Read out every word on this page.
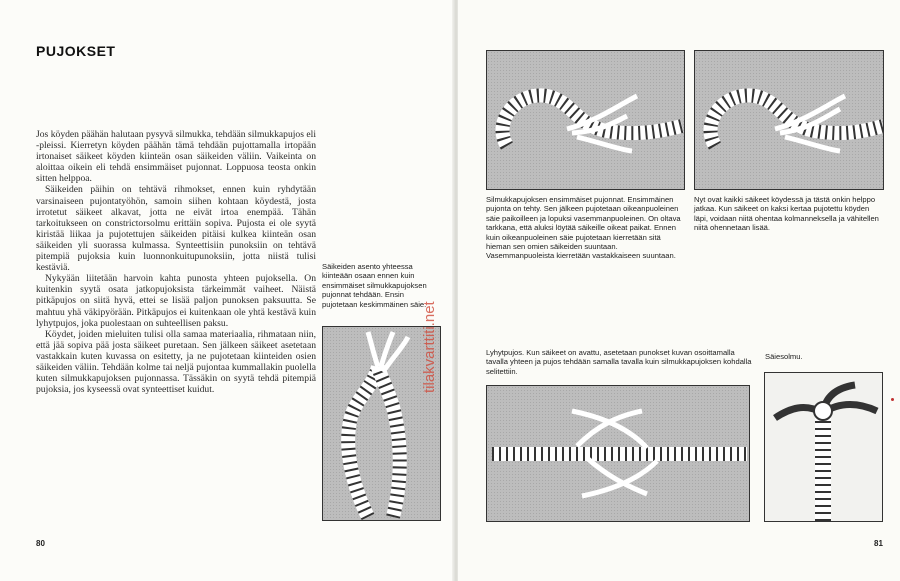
PUJOKSET

Jos köyden päähän halutaan pysyvä silmukka, tehdään silmukkapujos eli -pleissi. Kierretyn köyden päähän tämä tehdään pujottamalla irtopään irtonaiset säikeet köyden kiinteän osan säikeiden väliin. Vaikeinta on aloittaa oikein eli tehdä ensimmäiset pujonnat. Loppuosa teosta onkin sitten helppoa.

Säikeiden päihin on tehtävä rihmokset, ennen kuin ryhdytään varsinaiseen pujontatyöhön, samoin siihen kohtaan köydestä, josta irrotetut säikeet alkavat, jotta ne eivät irtoa enempää. Tähän tarkoitukseen on constrictorsolmu erittäin sopiva. Pujosta ei ole syytä kiristää liikaa ja pujotettujen säikeiden pitäisi kulkea kiinteän osan säikeiden yli suorassa kulmassa. Synteettisiin punoksiin on tehtävä pitempiä pujoksia kuin luonnonkuitupunoksiin, jotta niistä tulisi kestäviä.

Nykyään liitetään harvoin kahta punosta yhteen pujoksella. On kuitenkin syytä osata jatkopujoksista tärkeimmät vaiheet. Näistä pitkäpujos on siitä hyvä, ettei se lisää paljon punoksen paksuutta. Se mahtuu yhä väkipyörään. Pitkäpujos ei kuitenkaan ole yhtä kestävä kuin lyhytpujos, joka puolestaan on suhteellisen paksu.

Köydet, joiden mieluiten tulisi olla samaa materiaalia, rihmataan niin, että jää sopiva pää josta säikeet puretaan. Sen jälkeen säikeet asetetaan vastakkain kuten kuvassa on esitetty, ja ne pujotetaan kiinteiden osien säikeiden väliin. Tehdään kolme tai neljä pujontaa kummallakin puolella kuten silmukkapujoksen pujonnassa. Tässäkin on syytä tehdä pitempiä pujoksia, jos kyseessä ovat synteettiset kuidut.

Säikeiden asento yhteessa kiinteään osaan ennen kuin ensimmäiset silmukkapujoksen pujonnat tehdään. Ensin pujotetaan keskimmäinen säie.
80
Silmukkapujoksen ensimmäiset pujonnat. Ensimmäinen pujonta on tehty. Sen jälkeen pujotetaan oikeanpuoleinen säie paikoilleen ja lopuksi vasemmanpuoleinen. On oltava tarkkana, että aluksi löytää säikeille oikeat paikat. Ennen kuin oikeanpuoleinen säie pujotetaan kierretään sitä hieman sen omien säikeiden suuntaan. Vasemmanpuoleista kierretään vastakkaiseen suuntaan.
Nyt ovat kaikki säikeet köydessä ja tästä onkin helppo jatkaa. Kun säikeet on kaksi kertaa pujotettu köyden läpi, voidaan niitä ohentaa kolmanneksella ja vähitellen niitä ohennetaan lisää.
Lyhytpujos. Kun säikeet on avattu, asetetaan punokset kuvan osoittamalla tavalla yhteen ja pujos tehdään samalla tavalla kuin silmukkapujoksen kohdalla selitettiin.
Säiesolmu.
81
tilakvarttiti.net
